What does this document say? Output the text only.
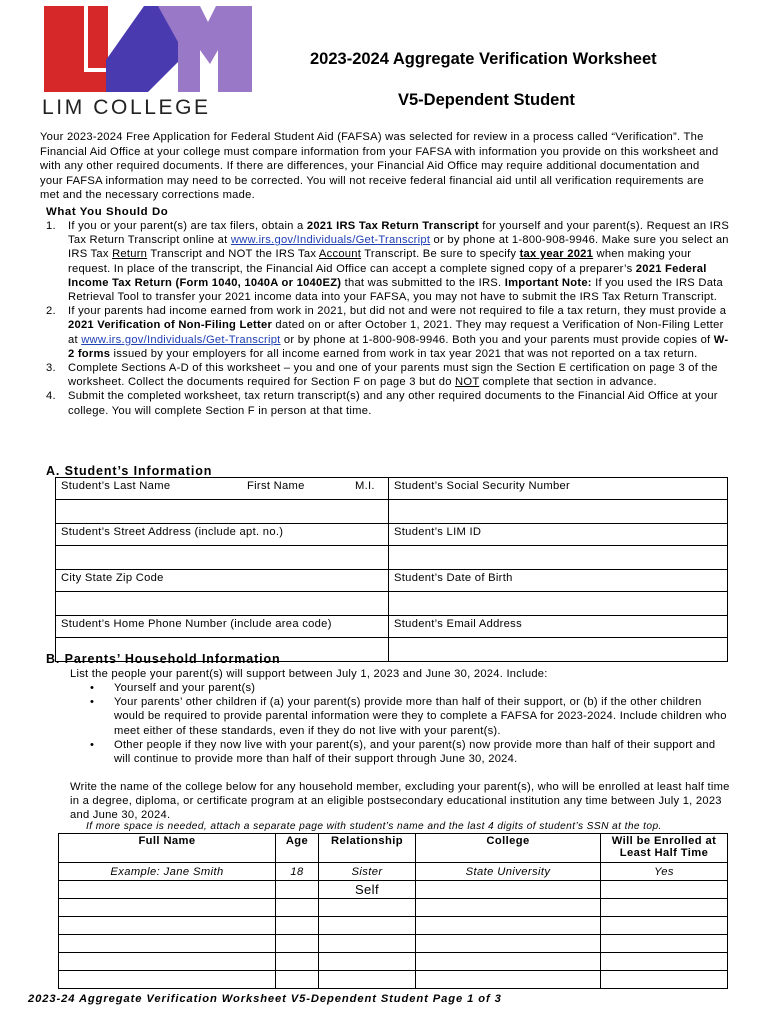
LIM COLLEGE
2023-2024 Aggregate Verification Worksheet
V5-Dependent Student
Your 2023-2024 Free Application for Federal Student Aid (FAFSA) was selected for review in a process called “Verification”. The Financial Aid Office at your college must compare information from your FAFSA with information you provide on this worksheet and with any other required documents. If there are differences, your Financial Aid Office may require additional documentation and your FAFSA information may need to be corrected. You will not receive federal financial aid until all verification requirements are met and the necessary corrections made.
What You Should Do
1. If you or your parent(s) are tax filers, obtain a 2021 IRS Tax Return Transcript for yourself and your parent(s). Request an IRS Tax Return Transcript online at www.irs.gov/Individuals/Get-Transcript or by phone at 1-800-908-9946. Make sure you select an IRS Tax Return Transcript and NOT the IRS Tax Account Transcript. Be sure to specify tax year 2021 when making your request. In place of the transcript, the Financial Aid Office can accept a complete signed copy of a preparer’s 2021 Federal Income Tax Return (Form 1040, 1040A or 1040EZ) that was submitted to the IRS. Important Note: If you used the IRS Data Retrieval Tool to transfer your 2021 income data into your FAFSA, you may not have to submit the IRS Tax Return Transcript.
2. If your parents had income earned from work in 2021, but did not and were not required to file a tax return, they must provide a 2021 Verification of Non-Filing Letter dated on or after October 1, 2021. They may request a Verification of Non-Filing Letter at www.irs.gov/Individuals/Get-Transcript or by phone at 1-800-908-9946. Both you and your parents must provide copies of W-2 forms issued by your employers for all income earned from work in tax year 2021 that was not reported on a tax return.
3. Complete Sections A-D of this worksheet – you and one of your parents must sign the Section E certification on page 3 of the worksheet. Collect the documents required for Section F on page 3 but do NOT complete that section in advance.
4. Submit the completed worksheet, tax return transcript(s) and any other required documents to the Financial Aid Office at your college. You will complete Section F in person at that time.
A. Student’s Information
Student’s Last Name First Name M.I.	Student’s Social Security Number

Student’s Street Address (include apt. no.)	Student’s LIM ID

City State Zip Code	Student’s Date of Birth

Student’s Home Phone Number (include area code)	Student’s Email Address

B. Parents’ Household Information
List the people your parent(s) will support between July 1, 2023 and June 30, 2024. Include:
• Yourself and your parent(s)
• Your parents’ other children if (a) your parent(s) provide more than half of their support, or (b) if the other children would be required to provide parental information were they to complete a FAFSA for 2023-2024. Include children who meet either of these standards, even if they do not live with your parent(s).
• Other people if they now live with your parent(s), and your parent(s) now provide more than half of their support and will continue to provide more than half of their support through June 30, 2024.
Write the name of the college below for any household member, excluding your parent(s), who will be enrolled at least half time in a degree, diploma, or certificate program at an eligible postsecondary educational institution any time between July 1, 2023 and June 30, 2024.
If more space is needed, attach a separate page with student’s name and the last 4 digits of student’s SSN at the top.
Full Name	Age	Relationship	College	Will be Enrolled at Least Half Time
Example: Jane Smith	18	Sister	State University	Yes
		Self		

2023-24 Aggregate Verification Worksheet V5-Dependent Student Page 1 of 3
